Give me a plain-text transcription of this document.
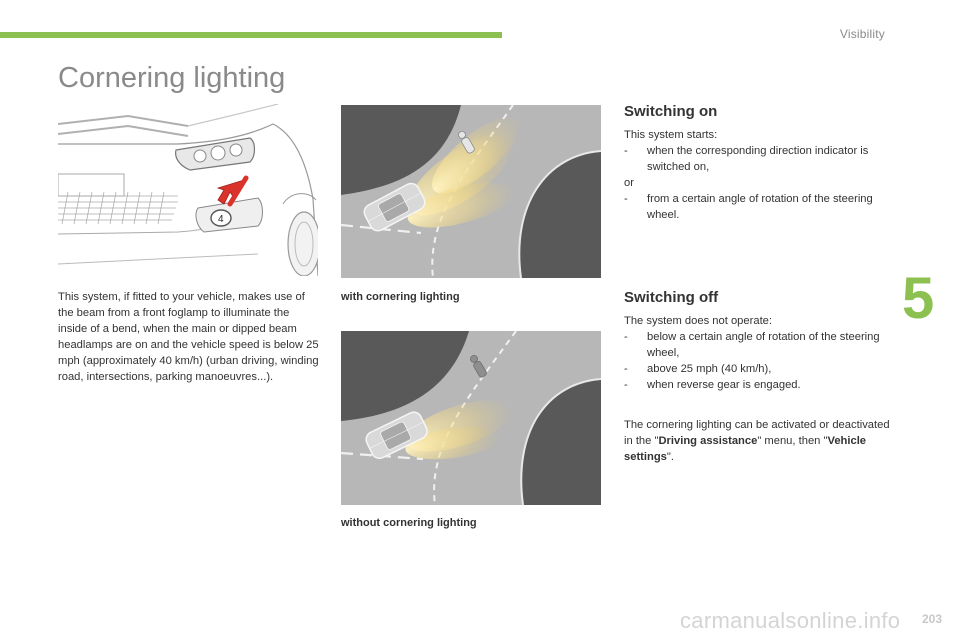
Visibility
5
Cornering lighting
4

This system, if fitted to your vehicle, makes use of the beam from a front foglamp to illuminate the inside of a bend, when the main or dipped beam headlamps are on and the vehicle speed is below 25 mph (approximately 40 km/h) (urban driving, winding road, intersections, parking manoeuvres...).

with cornering lighting
without cornering lighting
Switching on

This system starts:

-	when the corresponding direction indicator is switched on,

or

-	from a certain angle of rotation of the steering wheel.
Switching off

The system does not operate:

-	below a certain angle of rotation of the steering wheel,
-	above 25 mph (40 km/h),
-	when reverse gear is engaged.

The cornering lighting can be activated or deactivated in the "Driving assistance" menu, then "Vehicle settings".

carmanualsonline.info 203
